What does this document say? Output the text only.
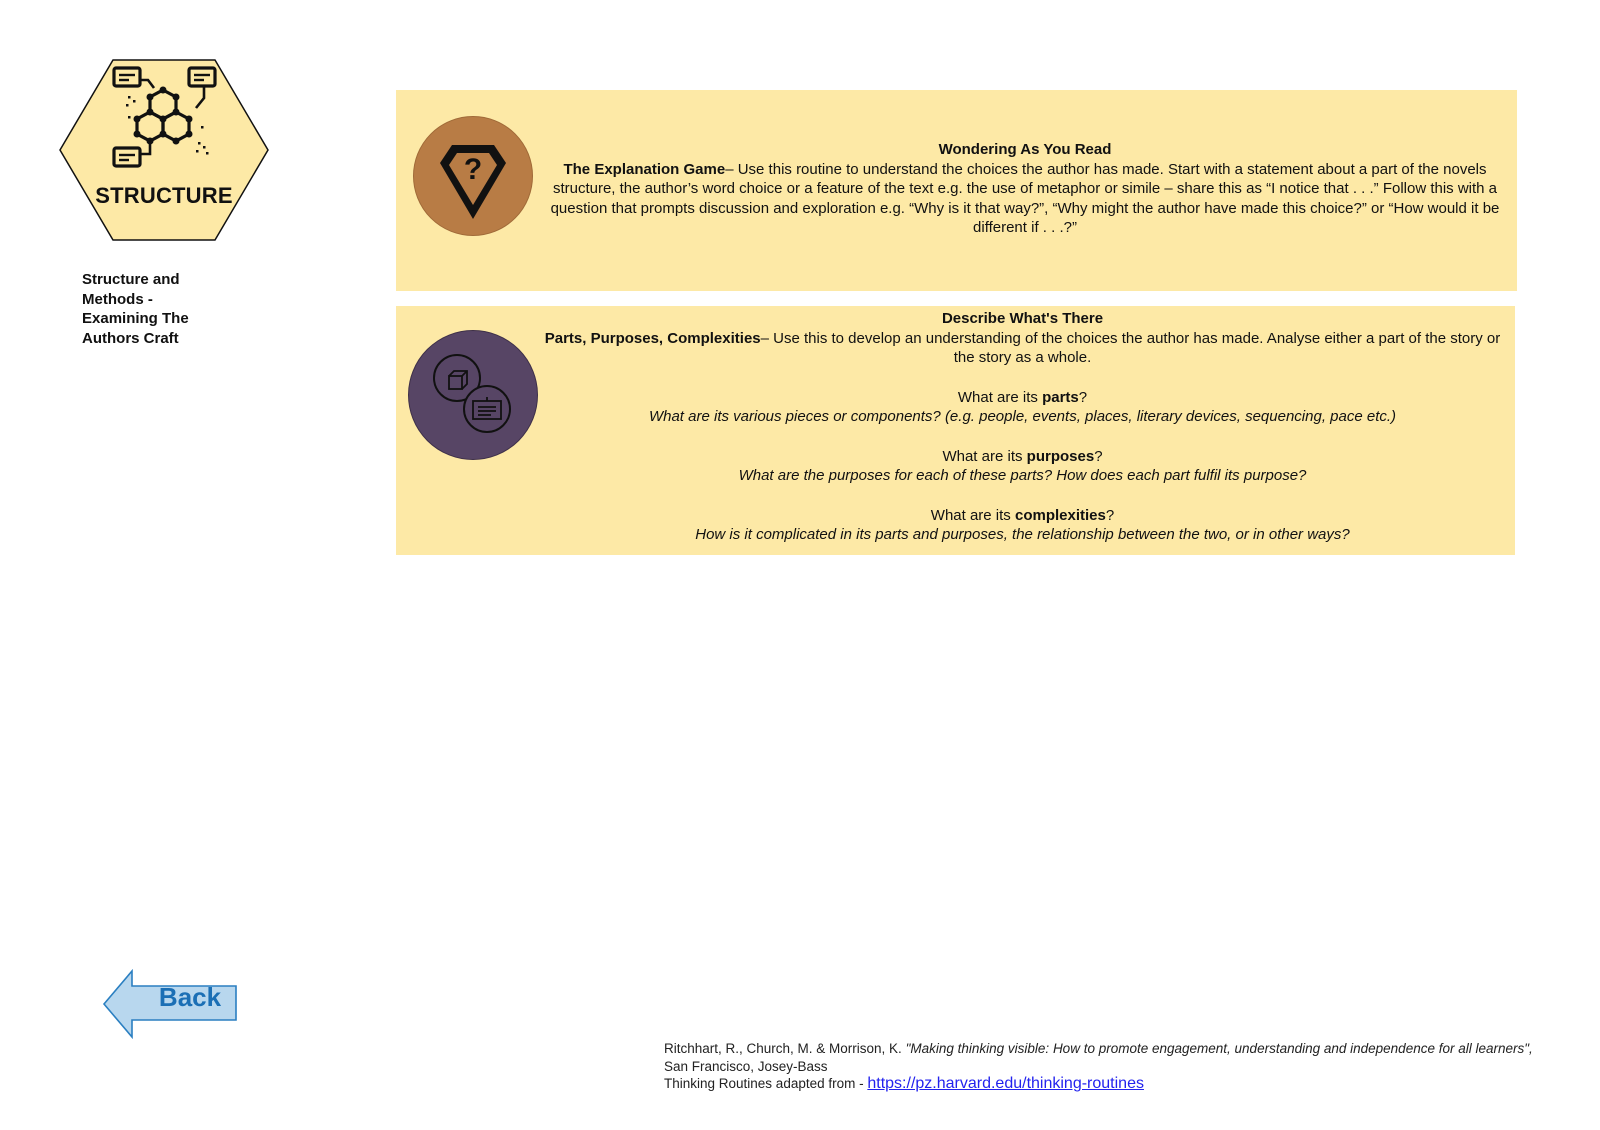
STRUCTURE
Structure and Methods - Examining The Authors Craft
?
Wondering As You Read
The Explanation Game– Use this routine to understand the choices the author has made. Start with a statement about a part of the novels structure, the author’s word choice or a feature of the text e.g. the use of metaphor or simile – share this as “I notice that . . .” Follow this with a question that prompts discussion and exploration e.g. “Why is it that way?”, “Why might the author have made this choice?” or “How would it be different if . . .?”
Describe What's There
Parts, Purposes, Complexities– Use this to develop an understanding of the choices the author has made. Analyse either a part of the story or the story as a whole.
What are its parts?
What are its various pieces or components? (e.g. people, events, places, literary devices, sequencing, pace etc.)
What are its purposes?
What are the purposes for each of these parts? How does each part fulfil its purpose?
What are its complexities?
How is it complicated in its parts and purposes, the relationship between the two, or in other ways?
Back
Ritchhart, R., Church, M. & Morrison, K. "Making thinking visible: How to promote engagement, understanding and independence for all learners", San Francisco, Josey-Bass
Thinking Routines adapted from - https://pz.harvard.edu/thinking-routines
